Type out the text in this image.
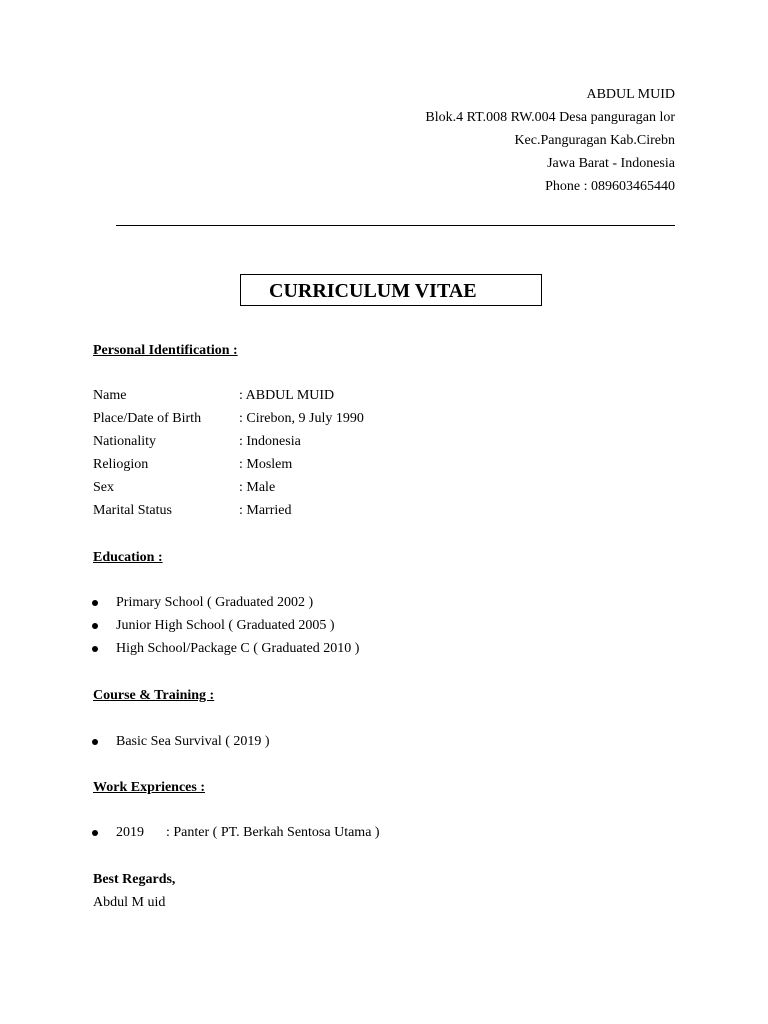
ABDUL MUID
Blok.4 RT.008 RW.004 Desa panguragan lor
Kec.Panguragan Kab.Cirebn
Jawa Barat - Indonesia
Phone : 089603465440
CURRICULUM VITAE
Personal Identification :
Name	: ABDUL MUID
Place/Date of Birth	: Cirebon, 9 July 1990
Nationality	: Indonesia
Reliogion	: Moslem
Sex	: Male
Marital Status	: Married
Education :
Primary School ( Graduated 2002 )
Junior High School ( Graduated 2005 )
High School/Package C ( Graduated 2010 )
Course & Training :
Basic Sea Survival ( 2019 )
Work Expriences :
2019 : Panter ( PT. Berkah Sentosa Utama )
Best Regards,
Abdul M uid
